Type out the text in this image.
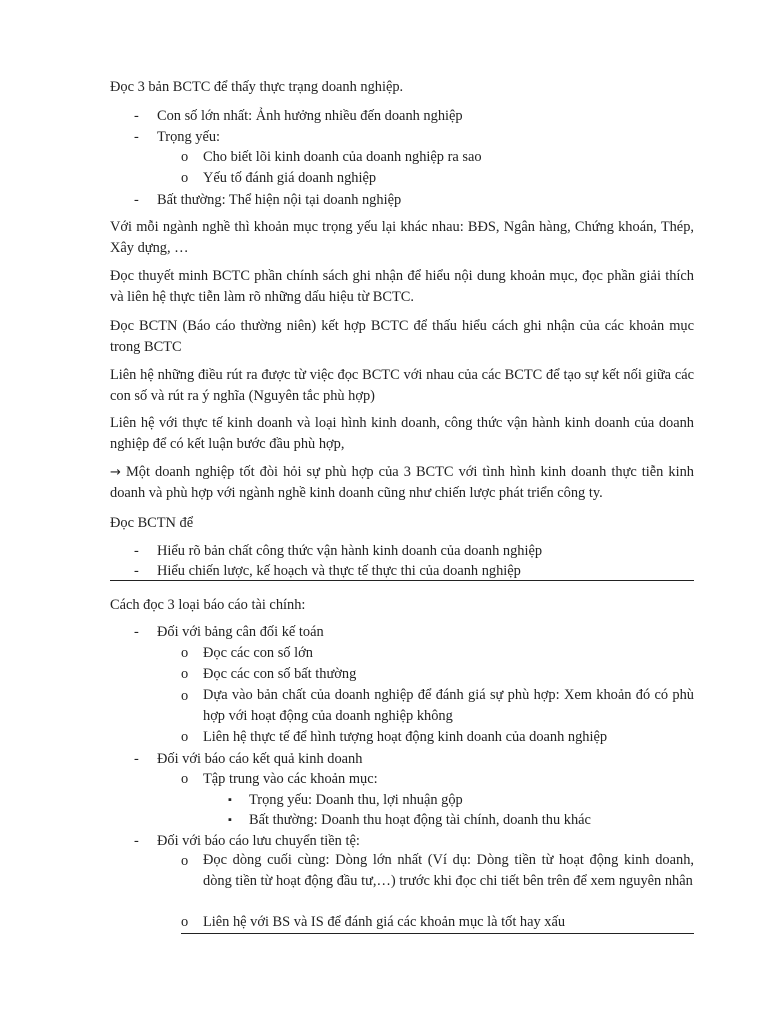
Đọc 3 bản BCTC để thấy thực trạng doanh nghiệp.
- Con số lớn nhất: Ảnh hưởng nhiều đến doanh nghiệp
- Trọng yếu:
o Cho biết lõi kinh doanh của doanh nghiệp ra sao
o Yếu tố đánh giá doanh nghiệp
- Bất thường: Thể hiện nội tại doanh nghiệp

Với mỗi ngành nghề thì khoản mục trọng yếu lại khác nhau: BĐS, Ngân hàng, Chứng khoán, Thép, Xây dựng, …

Đọc thuyết minh BCTC phần chính sách ghi nhận để hiểu nội dung khoản mục, đọc phần giải thích và liên hệ thực tiễn làm rõ những dấu hiệu từ BCTC.

Đọc BCTN (Báo cáo thường niên) kết hợp BCTC để thấu hiểu cách ghi nhận của các khoản mục trong BCTC

Liên hệ những điều rút ra được từ việc đọc BCTC với nhau của các BCTC để tạo sự kết nối giữa các con số và rút ra ý nghĩa (Nguyên tắc phù hợp)

Liên hệ với thực tế kinh doanh và loại hình kinh doanh, công thức vận hành kinh doanh của doanh nghiệp để có kết luận bước đầu phù hợp,

→ Một doanh nghiệp tốt đòi hỏi sự phù hợp của 3 BCTC với tình hình kinh doanh thực tiễn kinh doanh và phù hợp với ngành nghề kinh doanh cũng như chiến lược phát triển công ty.

Đọc BCTN để
- Hiểu rõ bản chất công thức vận hành kinh doanh của doanh nghiệp
- Hiểu chiến lược, kế hoạch và thực tế thực thi của doanh nghiệp
Cách đọc 3 loại báo cáo tài chính:
- Đối với bảng cân đối kế toán
o Đọc các con số lớn
o Đọc các con số bất thường
o Dựa vào bản chất của doanh nghiệp để đánh giá sự phù hợp: Xem khoản đó có phù hợp với hoạt động của doanh nghiệp không
o Liên hệ thực tế để hình tượng hoạt động kinh doanh của doanh nghiệp
- Đối với báo cáo kết quả kinh doanh
o Tập trung vào các khoản mục:
▪ Trọng yếu: Doanh thu, lợi nhuận gộp
▪ Bất thường: Doanh thu hoạt động tài chính, doanh thu khác
- Đối với báo cáo lưu chuyển tiền tệ:
o Đọc dòng cuối cùng: Dòng lớn nhất (Ví dụ: Dòng tiền từ hoạt động kinh doanh, dòng tiền từ hoạt động đầu tư,…) trước khi đọc chi tiết bên trên để xem nguyên nhân
o Liên hệ với BS và IS để đánh giá các khoản mục là tốt hay xấu
